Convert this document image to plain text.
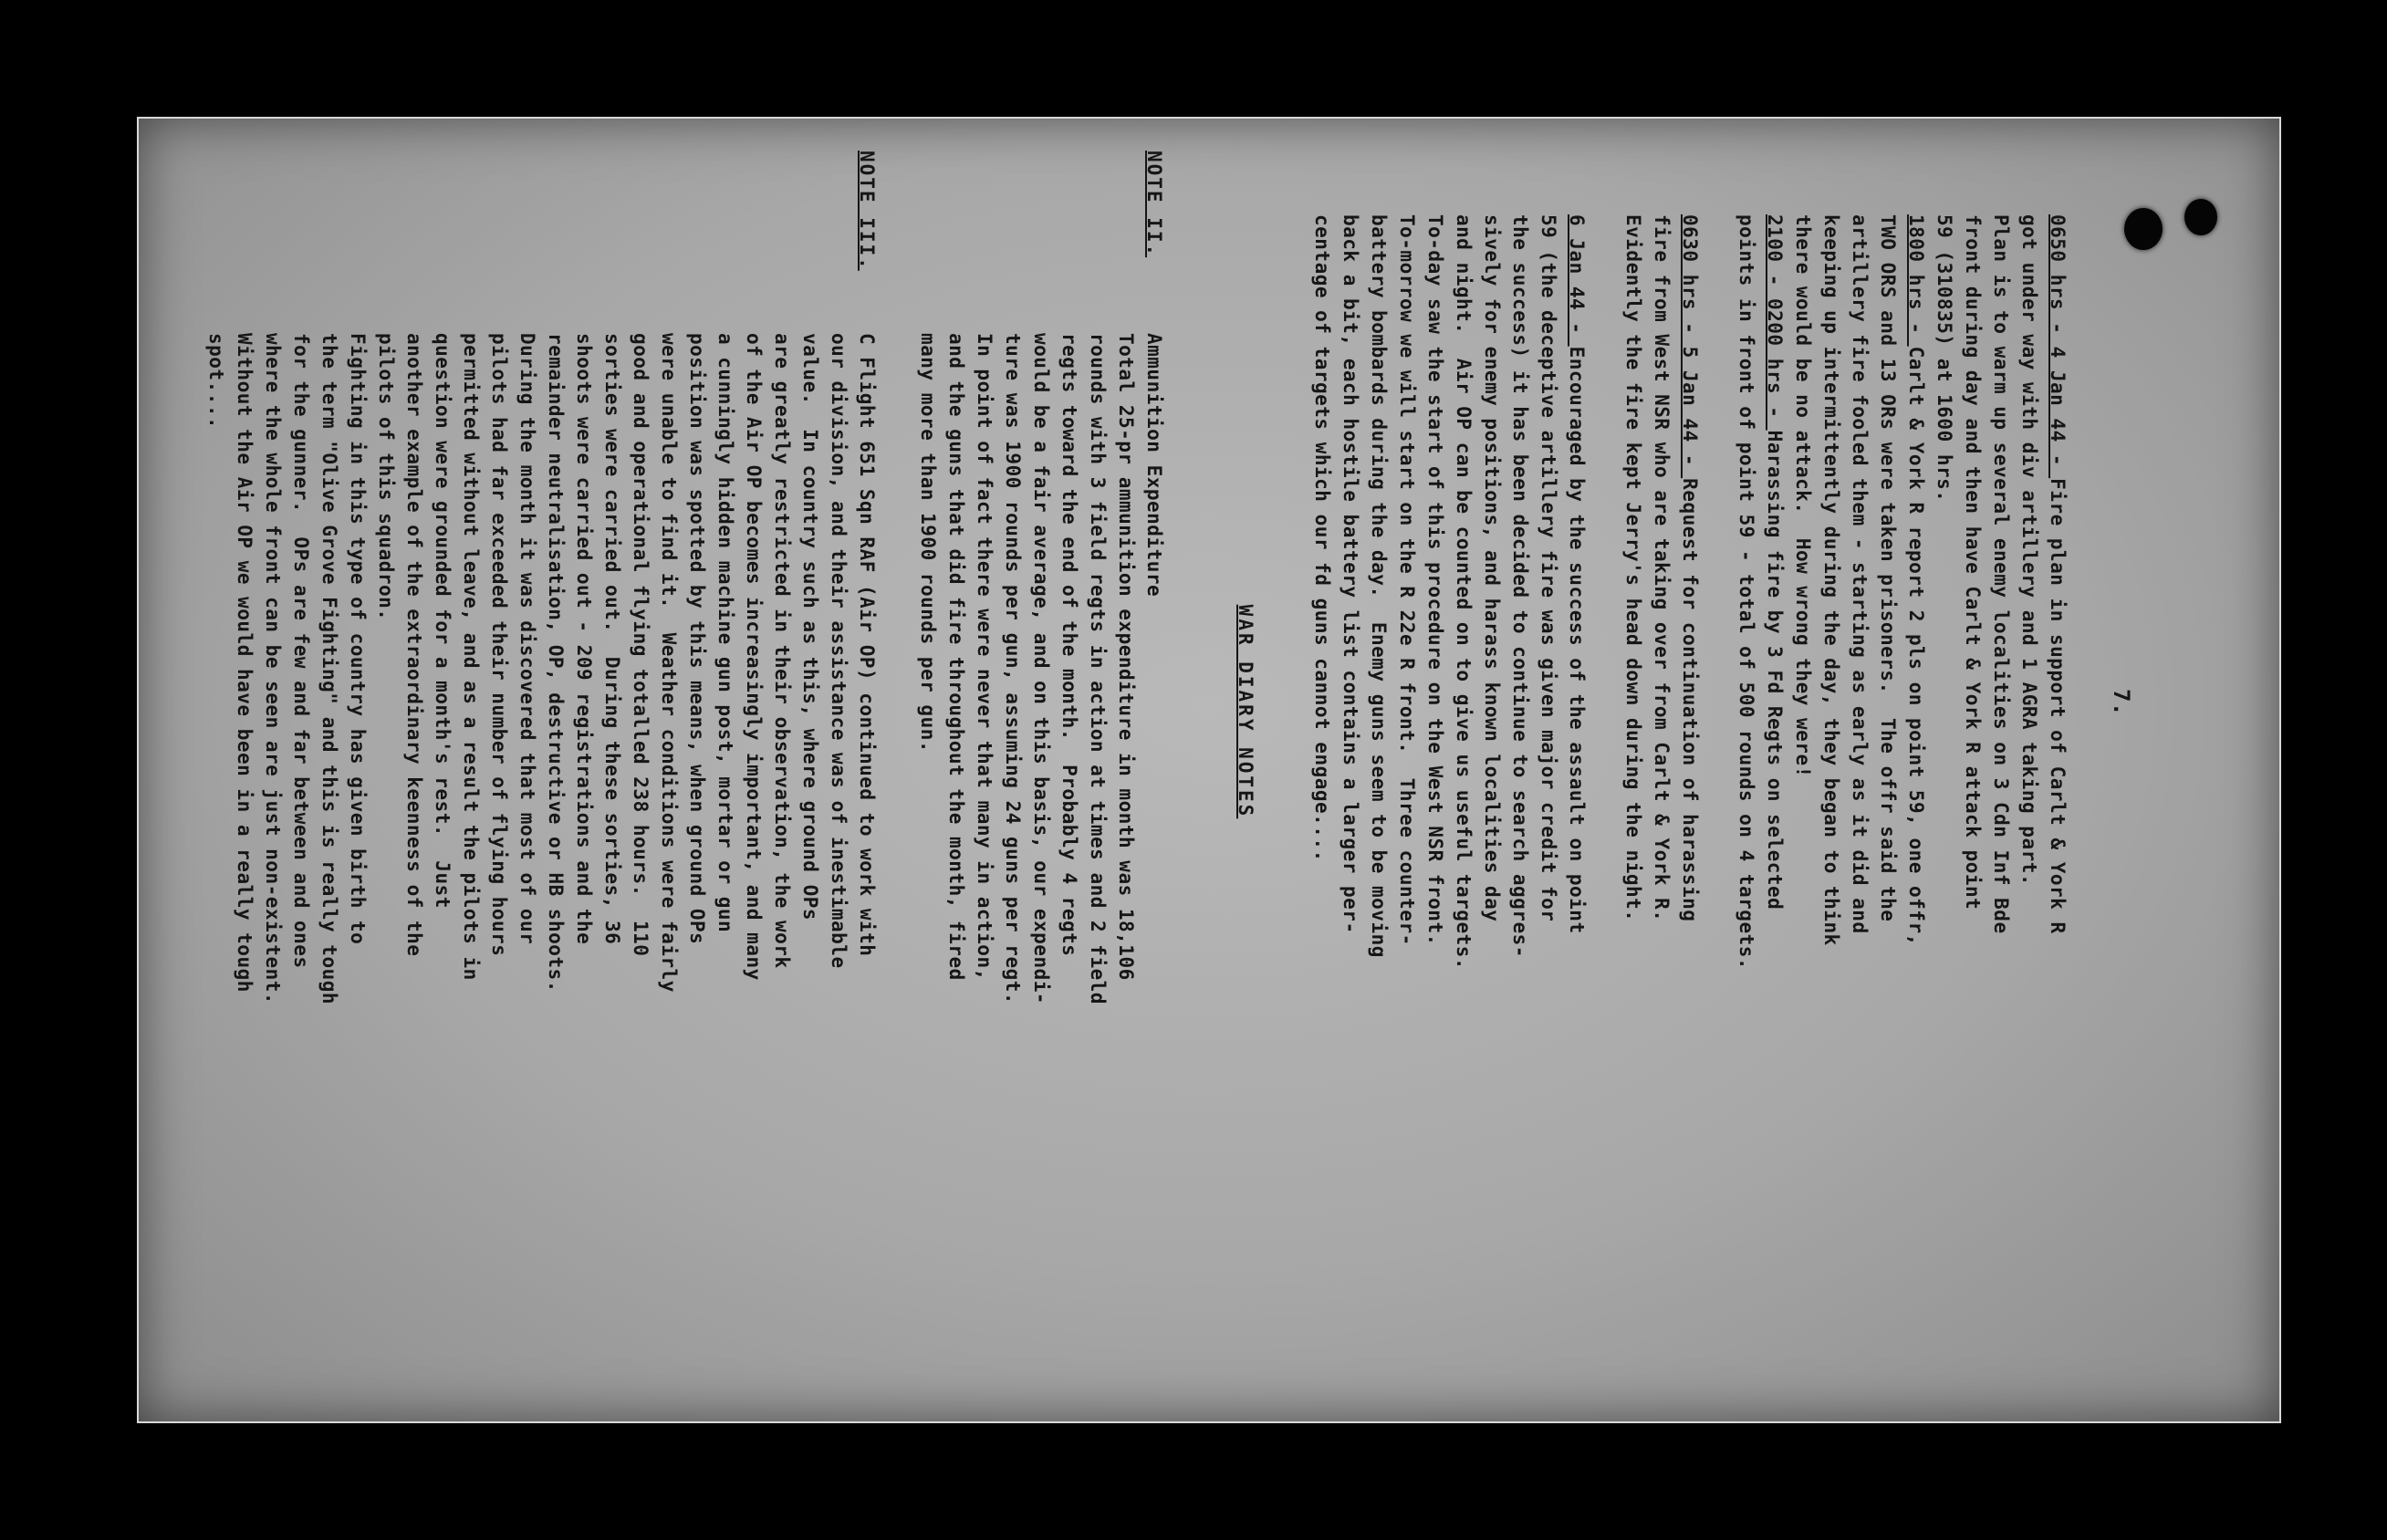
7.
0650 hrs - 4 Jan 44 - Fire plan in support of Carlt & York R
got under way with div artillery and 1 AGRA taking part.
Plan is to warm up several enemy localities on 3 Cdn Inf Bde
front during day and then have Carlt & York R attack point
59 (310835) at 1600 hrs.
1800 hrs - Carlt & York R report 2 pls on point 59, one offr,
TWO ORS and 13 ORs were taken prisoners.  The offr said the
artillery fire fooled them - starting as early as it did and
keeping up intermittently during the day, they began to think
there would be no attack.  How wrong they were!
2100 - 0200 hrs - Harassing fire by 3 Fd Regts on selected
points in front of point 59 - total of 500 rounds on 4 targets.
0630 hrs - 5 Jan 44 - Request for continuation of harassing
fire from West NSR who are taking over from Carlt & York R.
Evidently the fire kept Jerry's head down during the night.
6 Jan 44 - Encouraged by the success of the assault on point
59 (the deceptive artillery fire was given major credit for
the success) it has been decided to continue to search aggres-
sively for enemy positions, and harass known localities day
and night.  Air OP can be counted on to give us useful targets.
To-day saw the start of this procedure on the West NSR front.
To-morrow we will start on the R 22e R front.  Three counter-
battery bombards during the day.  Enemy guns seem to be moving
back a bit, each hostile battery list contains a larger per-
centage of targets which our fd guns cannot engage....
WAR DIARY NOTES
NOTE II.
Ammunition Expenditure
Total 25-pr ammunition expenditure in month was 18,106
rounds with 3 field regts in action at times and 2 field
regts toward the end of the month.  Probably 4 regts
would be a fair average, and on this basis, our expendi-
ture was 1900 rounds per gun, assuming 24 guns per regt.
In point of fact there were never that many in action,
and the guns that did fire throughout the month, fired
many more than 1900 rounds per gun.
NOTE III.
C Flight 651 Sqn RAF (Air OP) continued to work with
our division, and their assistance was of inestimable
value.  In country such as this, where ground OPs
are greatly restricted in their observation, the work
of the Air OP becomes increasingly important, and many
a cunningly hidden machine gun post, mortar or gun
position was spotted by this means, when ground OPs
were unable to find it.  Weather conditions were fairly
good and operational flying totalled 238 hours.  110
sorties were carried out.  During these sorties, 36
shoots were carried out - 209 registrations and the
remainder neutralisation, OP, destructive or HB shoots.
During the month it was discovered that most of our
pilots had far exceeded their number of flying hours
permitted without leave, and as a result the pilots in
question were grounded for a month's rest.  Just
another example of the extraordinary keenness of the
pilots of this squadron.
Fighting in this type of country has given birth to
the term "Olive Grove Fighting" and this is really tough
for the gunner.  OPs are few and far between and ones
where the whole front can be seen are just non-existent.
Without the Air OP we would have been in a really tough
spot....
